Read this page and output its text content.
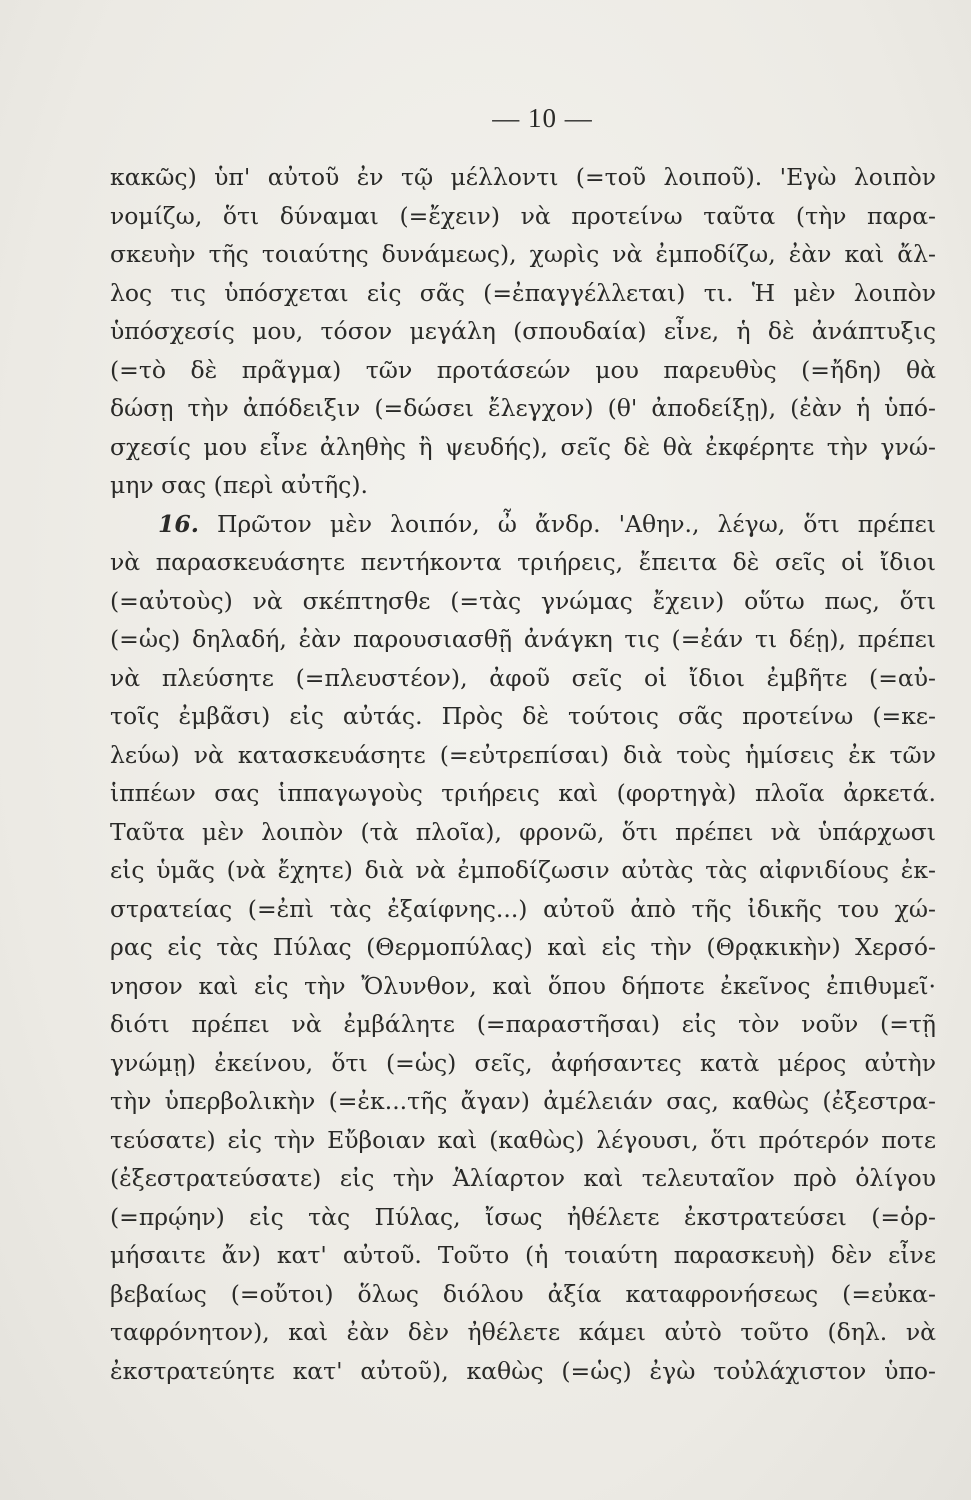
— 10 —
κακῶς) ὑπ' αὐτοῦ ἐν τῷ μέλλοντι (=τοῦ λοιποῦ). 'Εγὼ λοιπὸν
νομίζω, ὅτι δύναμαι (=ἔχειν) νὰ προτείνω ταῦτα (τὴν παρα-
σκευὴν τῆς τοιαύτης δυνάμεως), χωρὶς νὰ ἐμποδίζω, ἐὰν καὶ ἄλ-
λος τις ὑπόσχεται εἰς σᾶς (=ἐπαγγέλλεται) τι. Ἡ μὲν λοιπὸν
ὑπόσχεσίς μου, τόσον μεγάλη (σπουδαία) εἶνε, ἡ δὲ ἀνάπτυξις
(=τὸ δὲ πρᾶγμα) τῶν προτάσεών μου παρευθὺς (=ἤδη) θὰ
δώσῃ τὴν ἀπόδειξιν (=δώσει ἔλεγχον) (θ' ἀποδείξῃ), (ἐὰν ἡ ὑπό-
σχεσίς μου εἶνε ἀληθὴς ἢ ψευδής), σεῖς δὲ θὰ ἐκφέρητε τὴν γνώ-
μην σας (περὶ αὐτῆς).
16. Πρῶτον μὲν λοιπόν, ὦ ἄνδρ. 'Αθην., λέγω, ὅτι πρέπει
νὰ παρασκευάσητε πεντήκοντα τριήρεις, ἔπειτα δὲ σεῖς οἱ ἴδιοι
(=αὐτοὺς) νὰ σκέπτησθε (=τὰς γνώμας ἔχειν) οὕτω πως, ὅτι
(=ὡς) δηλαδή, ἐὰν παρουσιασθῇ ἀνάγκη τις (=ἐάν τι δέῃ), πρέπει
νὰ πλεύσητε (=πλευστέον), ἀφοῦ σεῖς οἱ ἴδιοι ἐμβῆτε (=αὐ-
τοῖς ἐμβᾶσι) εἰς αὐτάς. Πρὸς δὲ τούτοις σᾶς προτείνω (=κε-
λεύω) νὰ κατασκευάσητε (=εὐτρεπίσαι) διὰ τοὺς ἡμίσεις ἐκ τῶν
ἱππέων σας ἱππαγωγοὺς τριήρεις καὶ (φορτηγὰ) πλοῖα ἀρκετά.
Ταῦτα μὲν λοιπὸν (τὰ πλοῖα), φρονῶ, ὅτι πρέπει νὰ ὑπάρχωσι
εἰς ὑμᾶς (νὰ ἔχητε) διὰ νὰ ἐμποδίζωσιν αὐτὰς τὰς αἰφνιδίους ἐκ-
στρατείας (=ἐπὶ τὰς ἐξαίφνης...) αὐτοῦ ἀπὸ τῆς ἰδικῆς του χώ-
ρας εἰς τὰς Πύλας (Θερμοπύλας) καὶ εἰς τὴν (Θρᾳκικὴν) Χερσό-
νησον καὶ εἰς τὴν Ὄλυνθον, καὶ ὅπου δήποτε ἐκεῖνος ἐπιθυμεῖ·
διότι πρέπει νὰ ἐμβάλητε (=παραστῆσαι) εἰς τὸν νοῦν (=τῇ
γνώμῃ) ἐκείνου, ὅτι (=ὡς) σεῖς, ἀφήσαντες κατὰ μέρος αὐτὴν
τὴν ὑπερβολικὴν (=ἐκ...τῆς ἄγαν) ἀμέλειάν σας, καθὼς (ἐξεστρα-
τεύσατε) εἰς τὴν Εὔβοιαν καὶ (καθὼς) λέγουσι, ὅτι πρότερόν ποτε
(ἐξεστρατεύσατε) εἰς τὴν Ἁλίαρτον καὶ τελευταῖον πρὸ ὀλίγου
(=πρῴην) εἰς τὰς Πύλας, ἴσως ἠθέλετε ἐκστρατεύσει (=ὁρ-
μήσαιτε ἄν) κατ' αὐτοῦ. Τοῦτο (ἡ τοιαύτη παρασκευὴ) δὲν εἶνε
βεβαίως (=οὔτοι) ὅλως διόλου ἀξία καταφρονήσεως (=εὐκα-
ταφρόνητον), καὶ ἐὰν δὲν ἠθέλετε κάμει αὐτὸ τοῦτο (δηλ. νὰ
ἐκστρατεύητε κατ' αὐτοῦ), καθὼς (=ὡς) ἐγὼ τοὐλάχιστον ὑπο-
